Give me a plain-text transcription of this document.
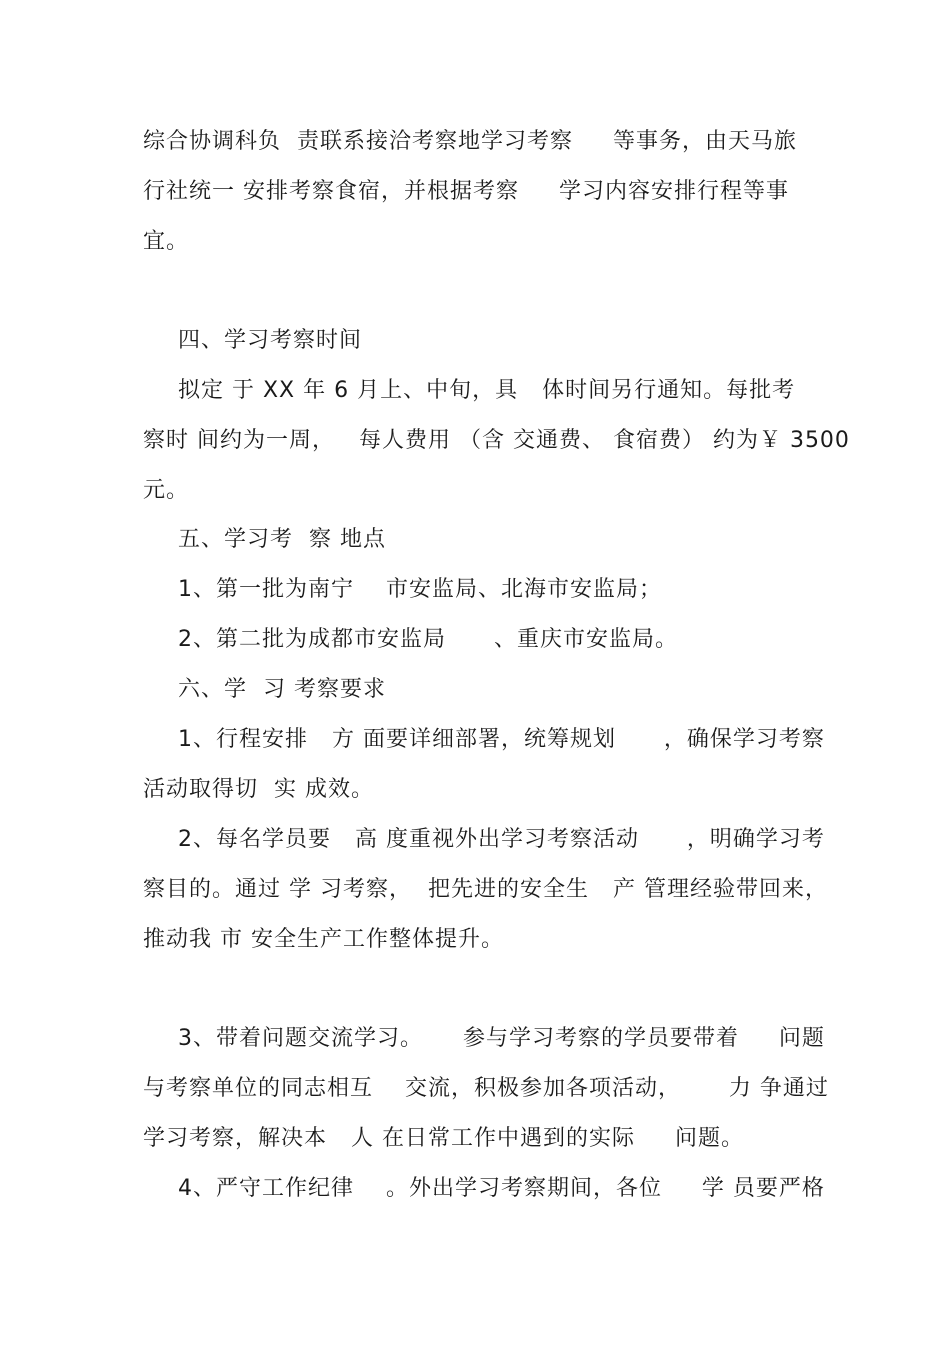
综合协调科负  责联系接洽考察地学习考察     等事务，由天马旅

行社统一 安排考察食宿，并根据考察     学习内容安排行程等事

宜。

四、学习考察时间

拟定 于 XX 年 6 月上、中旬，具   体时间另行通知。每批考

察时 间约为一周，   每人费用 （含 交通费、 食宿费） 约为￥ 3500

元。

五、学习考  察 地点

1、第一批为南宁    市安监局、北海市安监局；

2、第二批为成都市安监局      、重庆市安监局。

六、学  习 考察要求

1、行程安排   方 面要详细部署，统筹规划      ，确保学习考察

活动取得切  实 成效。

2、每名学员要   高 度重视外出学习考察活动      ，明确学习考

察目的。通过 学 习考察，  把先进的安全生   产 管理经验带回来，

推动我 市 安全生产工作整体提升。

3、带着问题交流学习。     参与学习考察的学员要带着     问题

与考察单位的同志相互    交流，积极参加各项活动，      力 争通过

学习考察，解决本   人 在日常工作中遇到的实际     问题。

4、严守工作纪律    。外出学习考察期间，各位     学 员要严格
